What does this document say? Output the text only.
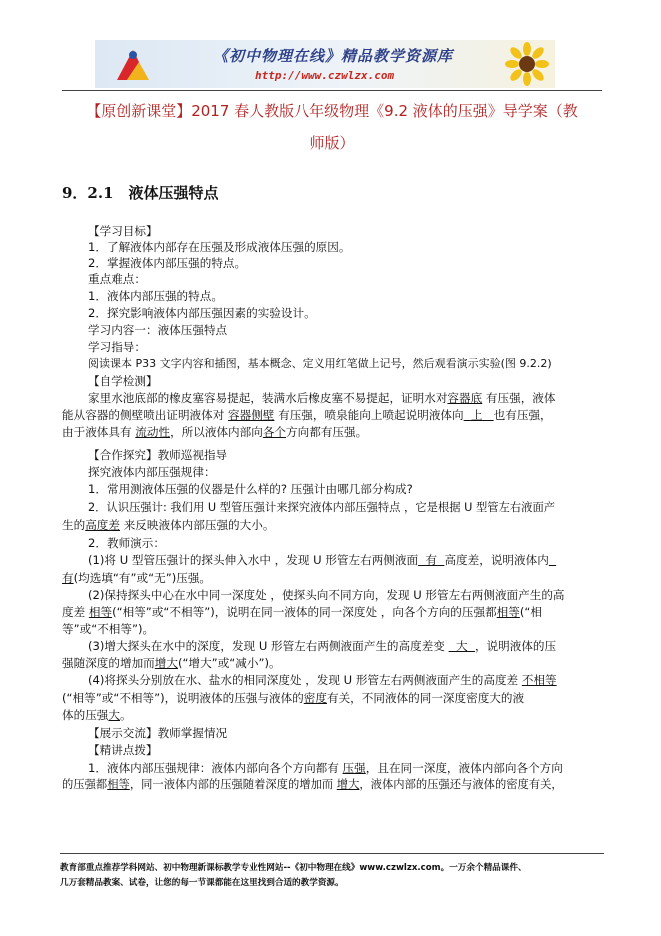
《初中物理在线》精品教学资源库
http://www.czwlzx.com
【原创新课堂】2017 春人教版八年级物理《9.2 液体的压强》导学案（教
师版）
9．2.1　液体压强特点
【学习目标】
1．了解液体内部存在压强及形成液体压强的原因。
2．掌握液体内部压强的特点。
重点难点：
1．液体内部压强的特点。
2．探究影响液体内部压强因素的实验设计。
学习内容一：液体压强特点
学习指导：
阅读课本 P33 文字内容和插图，基本概念、定义用红笔做上记号，然后观看演示实验(图 9.2.2)
【自学检测】
家里水池底部的橡皮塞容易提起，装满水后橡皮塞不易提起，证明水对容器底 有压强，液体
能从容器的侧壁喷出证明液体对 容器侧壁 有压强，喷泉能向上喷起说明液体向 上 也有压强，
由于液体具有 流动性，所以液体内部向各个方向都有压强。
【合作探究】教师巡视指导
探究液体内部压强规律：
1．常用测液体压强的仪器是什么样的? 压强计由哪几部分构成?
2．认识压强计: 我们用 U 型管压强计来探究液体内部压强特点 ，它是根据 U 型管左右液面产
生的高度差 来反映液体内部压强的大小。
2．教师演示：
(1)将 U 型管压强计的探头伸入水中 ，发现 U 形管左右两侧液面 有 高度差，说明液体内
有(均选填“有”或“无”)压强。
(2)保持探头中心在水中同一深度处 ，使探头向不同方向，发现 U 形管左右两侧液面产生的高
度差 相等(“相等”或“不相等”)，说明在同一液体的同一深度处 ，向各个方向的压强都相等(“相
等”或“不相等”)。
(3)增大探头在水中的深度，发现 U 形管左右两侧液面产生的高度差变 大 ，说明液体的压
强随深度的增加而增大(“增大”或“减小”)。
(4)将探头分别放在水、盐水的相同深度处 ，发现 U 形管左右两侧液面产生的高度差 不相等
(“相等”或“不相等”)，说明液体的压强与液体的密度有关，不同液体的同一深度密度大的液
体的压强大。
【展示交流】教师掌握情况
【精讲点拨】
1．液体内部压强规律：液体内部向各个方向都有 压强，且在同一深度，液体内部向各个方向
的压强都相等，同一液体内部的压强随着深度的增加而 增大，液体内部的压强还与液体的密度有关，
教育部重点推荐学科网站、初中物理新课标教学专业性网站--《初中物理在线》www.czwlzx.com。一万余个精品课件、
几万套精品教案、试卷，让您的每一节课都能在这里找到合适的教学资源。
